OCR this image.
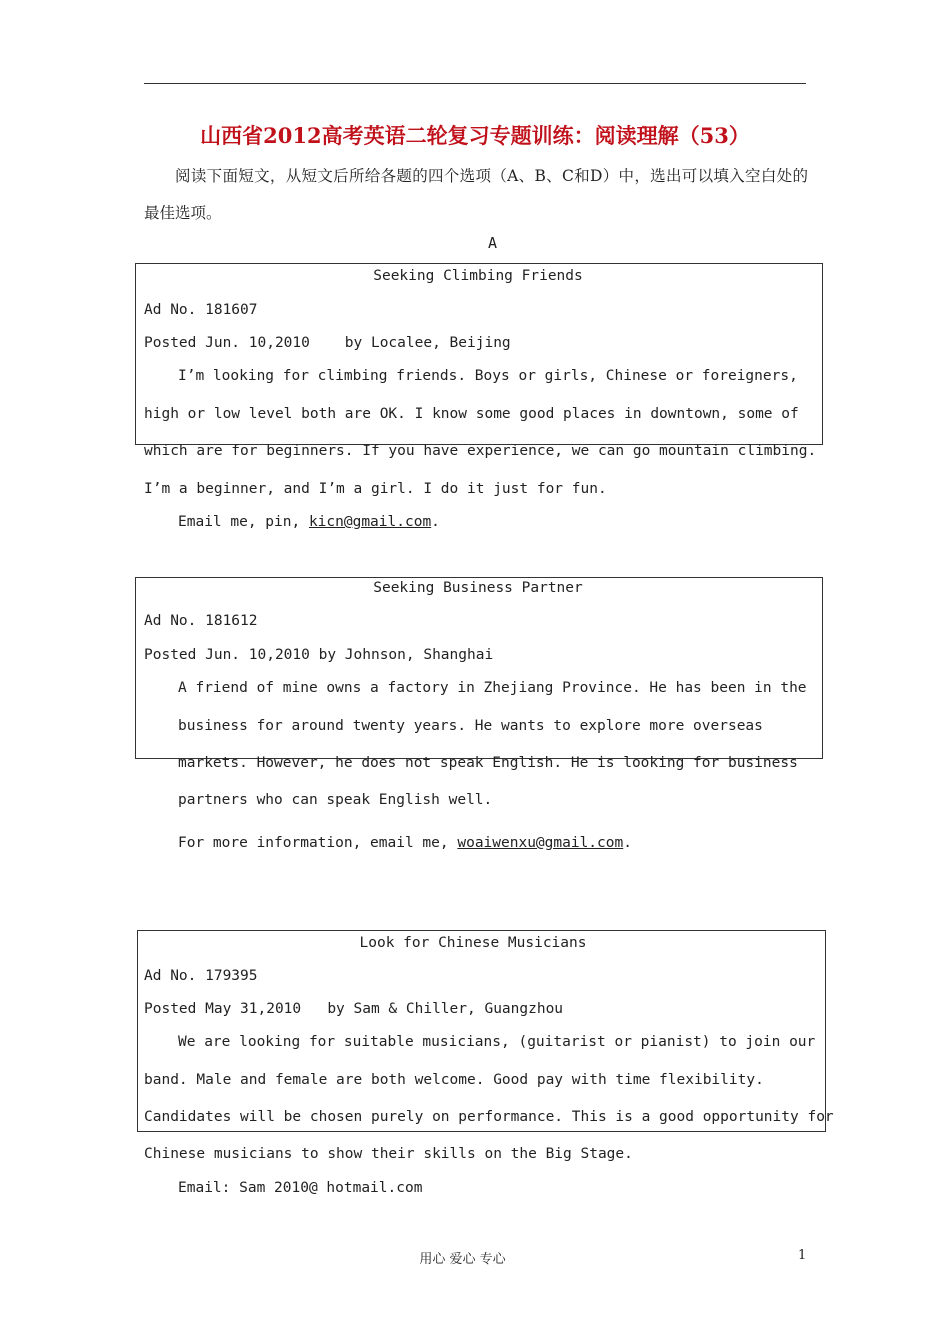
山西省2012高考英语二轮复习专题训练：阅读理解（53）
阅读下面短文，从短文后所给各题的四个选项（A、B、C和D）中，选出可以填入空白处的最佳选项。
A
Seeking Climbing Friends
Ad No. 181607
Posted Jun. 10,2010    by Localee, Beijing
I’m looking for climbing friends. Boys or girls, Chinese or foreigners,
high or low level both are OK. I know some good places in downtown, some of
which are for beginners. If you have experience, we can go mountain climbing.
I’m a beginner, and I’m a girl. I do it just for fun.
Email me, pin, kicn@gmail.com.
Seeking Business Partner
Ad No. 181612
Posted Jun. 10,2010 by Johnson, Shanghai
A friend of mine owns a factory in Zhejiang Province. He has been in the
business for around twenty years. He wants to explore more overseas
markets. However, he does not speak English. He is looking for business
partners who can speak English well.
For more information, email me, woaiwenxu@gmail.com.
Look for Chinese Musicians
Ad No. 179395
Posted May 31,2010   by Sam & Chiller, Guangzhou
We are looking for suitable musicians, (guitarist or pianist) to join our
band. Male and female are both welcome. Good pay with time flexibility.
Candidates will be chosen purely on performance. This is a good opportunity for
Chinese musicians to show their skills on the Big Stage.
Email: Sam 2010@ hotmail.com
用心 爱心 专心	1
